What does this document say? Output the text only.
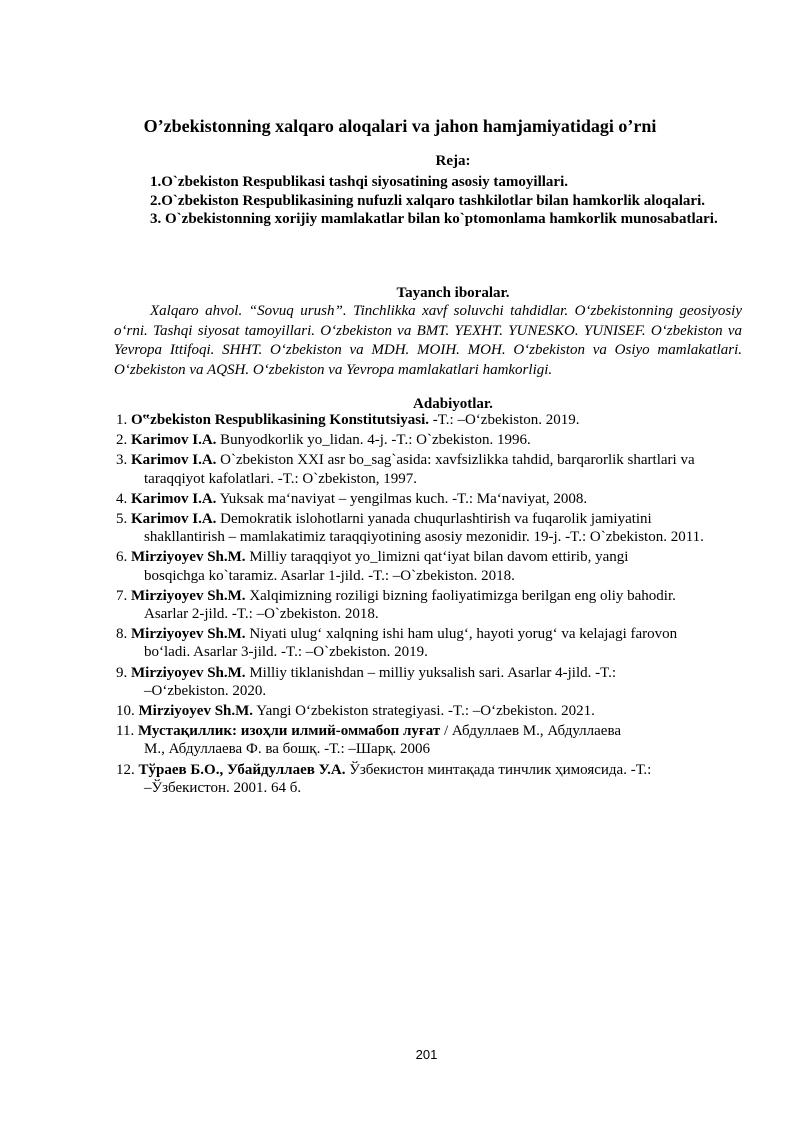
O’zbekistonning xalqaro aloqalari va jahon hamjamiyatidagi o’rni
Reja:
1.O`zbekiston Respublikasi tashqi siyosatining asosiy tamoyillari.
2.O`zbekiston Respublikasining nufuzli xalqaro tashkilotlar bilan hamkorlik aloqalari.
3. O`zbekistonning xorijiy mamlakatlar bilan ko`ptomonlama hamkorlik munosabatlari.
Tayanch iboralar.
Xalqaro ahvol. “Sovuq urush”. Tinchlikka xavf soluvchi tahdidlar. O‘zbekistonning geosiyosiy o‘rni. Tashqi siyosat tamoyillari. O‘zbekiston va BMT. YEXHT. YUNESKO. YUNISEF. O‘zbekiston va Yevropa Ittifoqi. SHHT. O‘zbekiston va MDH. MOIH. MOH. O‘zbekiston va Osiyo mamlakatlari. O‘zbekiston va AQSH. O‘zbekiston va Yevropa mamlakatlari hamkorligi.
Adabiyotlar.
1. O‟zbekiston Respublikasining Konstitutsiyasi. -T.: –O‘zbekiston. 2019.
2. Karimov I.A. Bunyodkorlik yo_lidan. 4-j. -T.: O`zbekiston. 1996.
3. Karimov I.A. O`zbekiston XXI asr bo_sag`asida: xavfsizlikka tahdid, barqarorlik shartlari va
taraqqiyot kafolatlari. -T.: O`zbekiston, 1997.
4. Karimov I.A. Yuksak ma‘naviyat – yengilmas kuch. -T.: Ma‘naviyat, 2008.
5. Karimov I.A. Demokratik islohotlarni yanada chuqurlashtirish va fuqarolik jamiyatini
shakllantirish – mamlakatimiz taraqqiyotining asosiy mezonidir. 19-j. -T.: O`zbekiston. 2011.
6. Mirziyoyev Sh.M. Milliy taraqqiyot yo_limizni qat‘iyat bilan davom ettirib, yangi
bosqichga ko`taramiz. Asarlar 1-jild. -T.: –O`zbekiston. 2018.
7. Mirziyoyev Sh.M. Xalqimizning roziligi bizning faoliyatimizga berilgan eng oliy bahodir.
Asarlar 2-jild. -T.: –O`zbekiston. 2018.
8. Mirziyoyev Sh.M. Niyati ulug‘ xalqning ishi ham ulug‘, hayoti yorug‘ va kelajagi farovon
bo‘ladi. Asarlar 3-jild. -T.: –O`zbekiston. 2019.
9. Mirziyoyev Sh.M. Milliy tiklanishdan – milliy yuksalish sari. Asarlar 4-jild. -T.:
–O‘zbekiston. 2020.
10. Mirziyoyev Sh.M. Yangi O‘zbekiston strategiyasi. -T.: –O‘zbekiston. 2021.
11. Мустақиллик: изоҳли илмий-оммабоп луғат / Абдуллаев М., Абдуллаева
М., Абдуллаева Ф. ва бошқ. -Т.: –Шарқ. 2006
12. Тўраев Б.О., Убайдуллаев У.А. Ўзбекистон минтақада тинчлик ҳимоясида. -Т.:
–Ўзбекистон. 2001. 64 б.
201
